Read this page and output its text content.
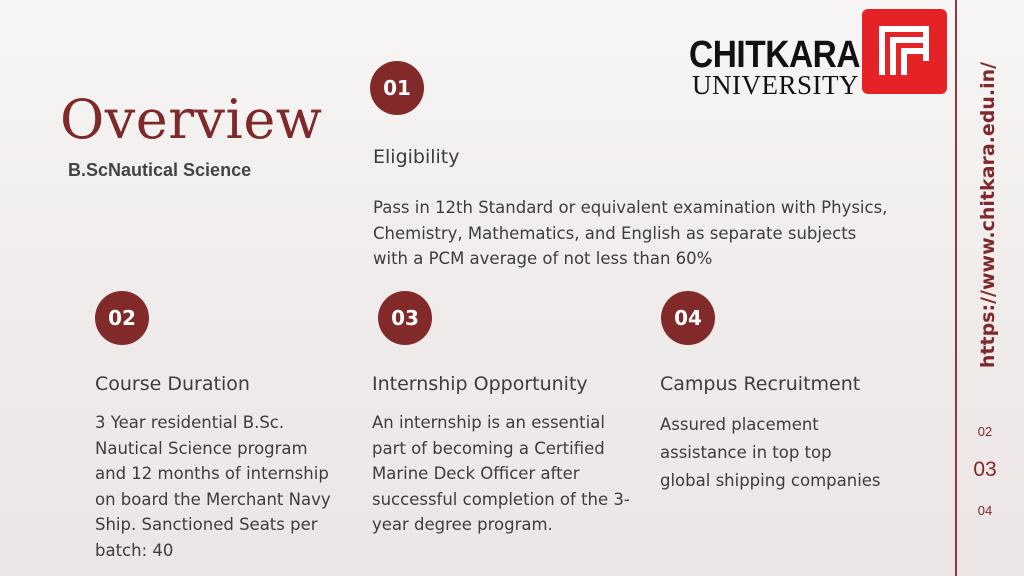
Overview
B.ScNautical Science
01
Eligibility
Pass in 12th Standard or equivalent examination with Physics,
Chemistry, Mathematics, and English as separate subjects
with a PCM average of not less than 60%
02
Course Duration
3 Year residential B.Sc.
Nautical Science program
and 12 months of internship
on board the Merchant Navy
Ship. Sanctioned Seats per
batch: 40
03
Internship Opportunity
An internship is an essential
part of becoming a Certified
Marine Deck Officer after
successful completion of the 3-
year degree program.
04
Campus Recruitment
Assured placement
assistance in top top
global shipping companies
CHITKARA
UNIVERSITY	https://www.chitkara.edu.in/
02
03
04
